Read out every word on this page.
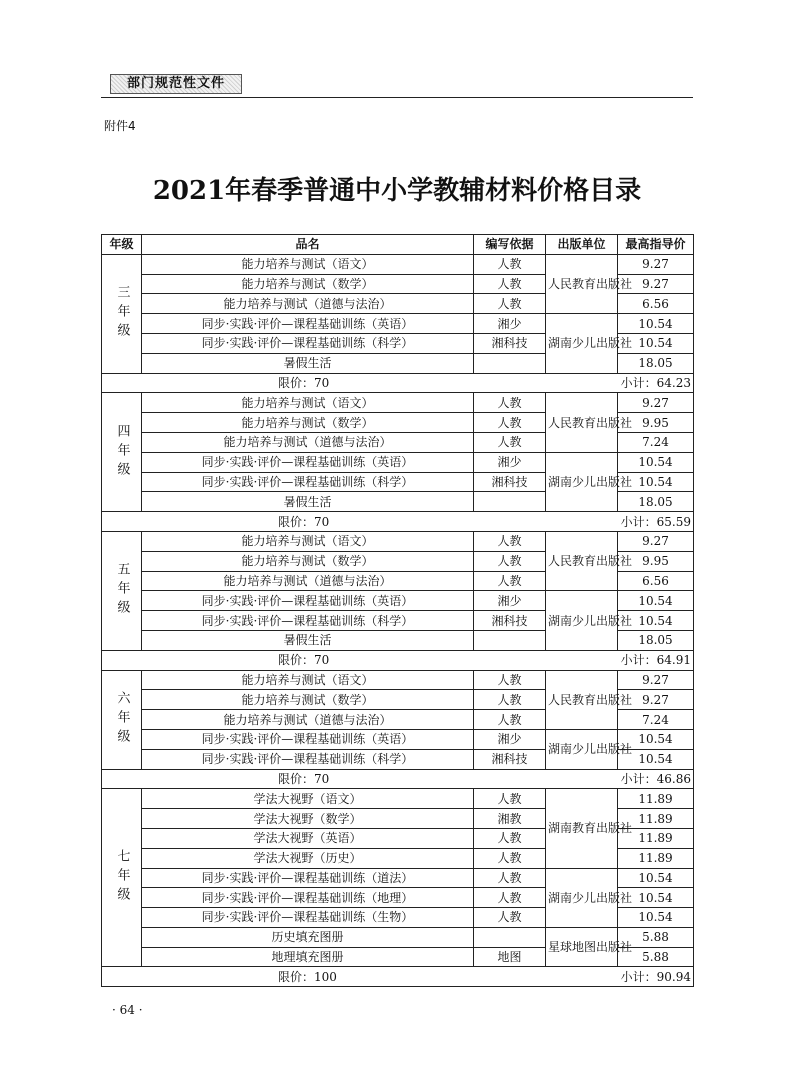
部门规范性文件
附件4
2021年春季普通中小学教辅材料价格目录
年级	品名	编写依据	出版单位	最高指导价
三年级	能力培养与测试（语文）	人教	人民教育出版社	9.27
	能力培养与测试（数学）	人教		9.27
	能力培养与测试（道德与法治）	人教		6.56
	同步·实践·评价—课程基础训练（英语）	湘少	湖南少儿出版社	10.54
	同步·实践·评价—课程基础训练（科学）	湘科技		10.54
	暑假生活			18.05
限价：70			小计：64.23	
四年级	能力培养与测试（语文）	人教	人民教育出版社	9.27
	能力培养与测试（数学）	人教		9.95
	能力培养与测试（道德与法治）	人教		7.24
	同步·实践·评价—课程基础训练（英语）	湘少	湖南少儿出版社	10.54
	同步·实践·评价—课程基础训练（科学）	湘科技		10.54
	暑假生活			18.05
限价：70			小计：65.59	
五年级	能力培养与测试（语文）	人教	人民教育出版社	9.27
	能力培养与测试（数学）	人教		9.95
	能力培养与测试（道德与法治）	人教		6.56
	同步·实践·评价—课程基础训练（英语）	湘少	湖南少儿出版社	10.54
	同步·实践·评价—课程基础训练（科学）	湘科技		10.54
	暑假生活			18.05
限价：70			小计：64.91	
六年级	能力培养与测试（语文）	人教	人民教育出版社	9.27
	能力培养与测试（数学）	人教		9.27
	能力培养与测试（道德与法治）	人教		7.24
	同步·实践·评价—课程基础训练（英语）	湘少	湖南少儿出版社	10.54
	同步·实践·评价—课程基础训练（科学）	湘科技		10.54
限价：70			小计：46.86	
七年级	学法大视野（语文）	人教	湖南教育出版社	11.89
	学法大视野（数学）	湘教		11.89
	学法大视野（英语）	人教		11.89
	学法大视野（历史）	人教		11.89
	同步·实践·评价—课程基础训练（道法）	人教	湖南少儿出版社	10.54
	同步·实践·评价—课程基础训练（地理）	人教		10.54
	同步·实践·评价—课程基础训练（生物）	人教		10.54
	历史填充图册		星球地图出版社	5.88
	地理填充图册	地图		5.88
限价：100			小计：90.94	
· 64 ·
